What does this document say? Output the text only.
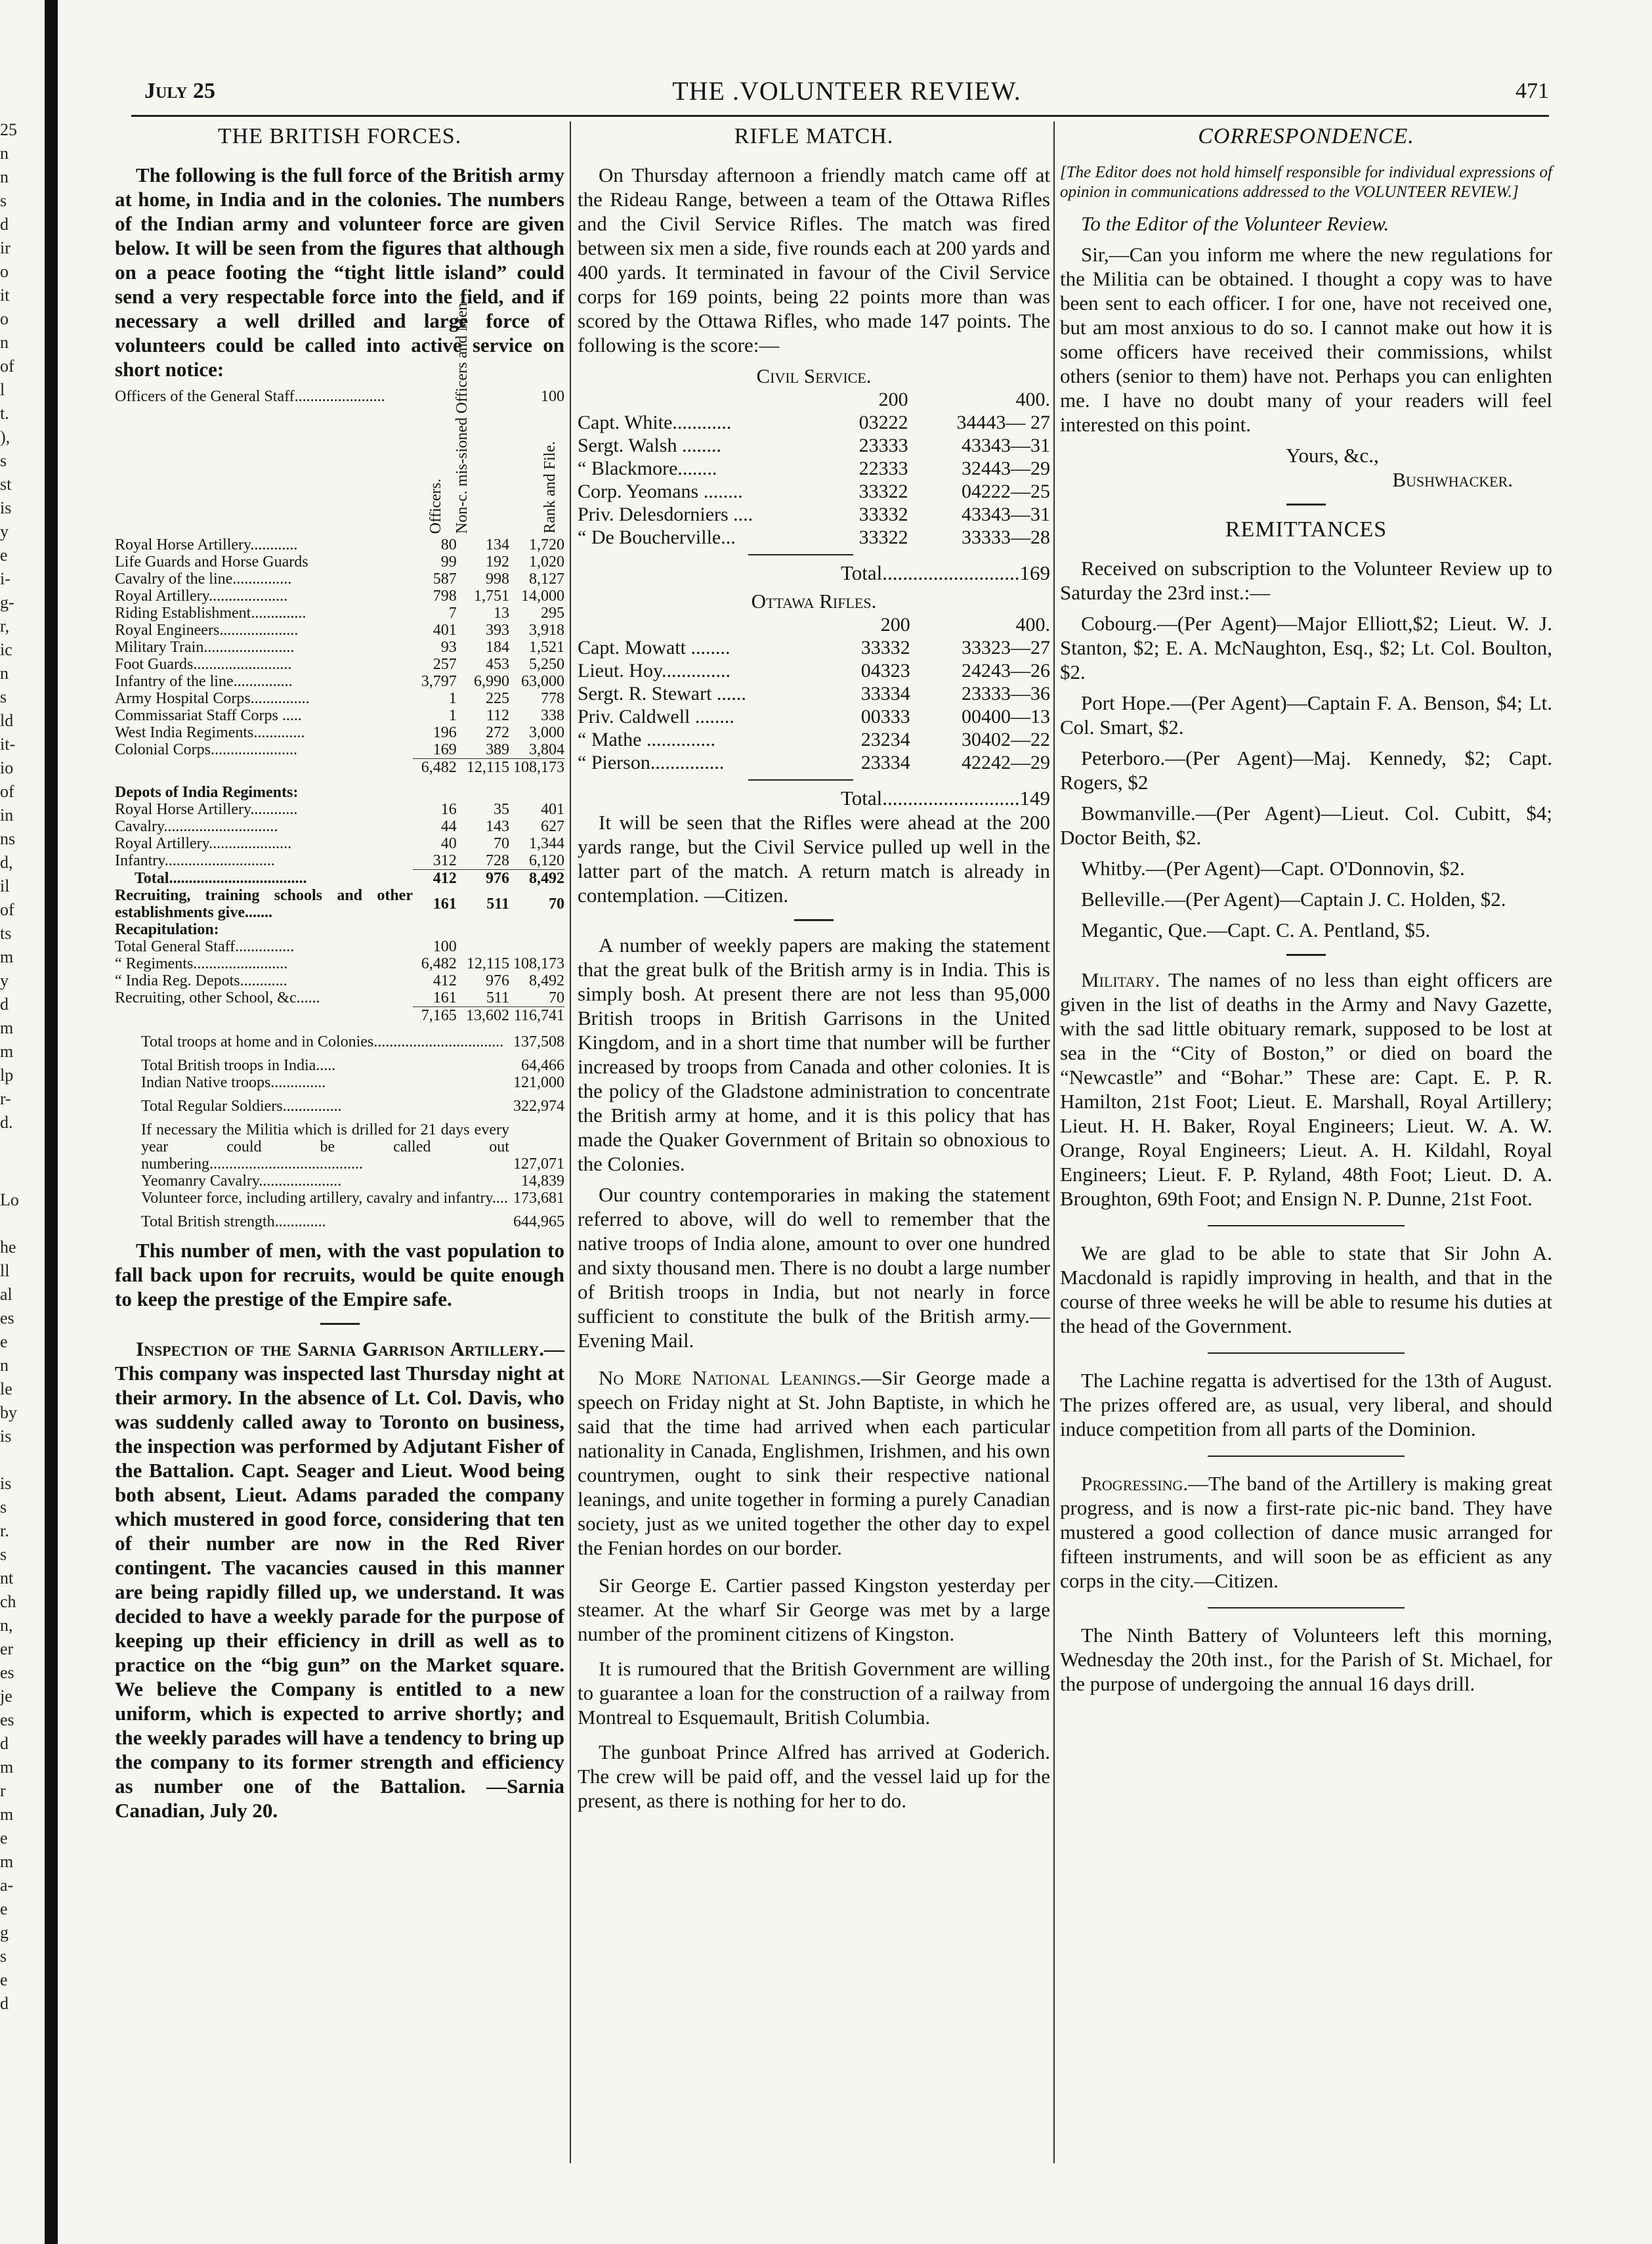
25
n
n
s
d
ir
o
it
o
n
of
l
t.
),
s
st
is
y
e
i-
g-
r,
ic
n
s
ld
it-
io
of
in
ns
d,
il
of
ts
m
y
d
m
m
lp
r-
d.
Lo
he
ll
al
es
e
n
le
by
is
is
s
r.
s
nt
ch
n,
er
es
je
es
d
m
r
m
e
m
a-
e
g
s
e
d
July 25	THE .VOLUNTEER REVIEW.	471
THE BRITISH FORCES.

The following is the full force of the British army at home, in India and in the colonies. The numbers of the Indian army and volunteer force are given below. It will be seen from the figures that although on a peace footing the “tight little island” could send a very respectable force into the field, and if necessary a well drilled and large force of volunteers could be called into active service on short notice:

Officers of the General Staff.......................			100

	Officers.	Non-c. mis-sioned Officers and Men	Rank and File.

Royal Horse Artillery............	80	134	1,720
Life Guards and Horse Guards	99	192	1,020
Cavalry of the line...............	587	998	8,127
Royal Artillery....................	798	1,751	14,000
Riding Establishment..............	7	13	295
Royal Engineers....................	401	393	3,918
Military Train.......................	93	184	1,521
Foot Guards.........................	257	453	5,250
Infantry of the line...............	3,797	6,990	63,000
Army Hospital Corps...............	1	225	778
Commissariat Staff Corps .....	1	112	338
West India Regiments.............	196	272	3,000
Colonial Corps......................	169	389	3,804
	6,482	12,115	108,173

Depots of India Regiments:			
Royal Horse Artillery............	16	35	401
Cavalry.............................	44	143	627
Royal Artillery.....................	40	70	1,344
Infantry............................	312	728	6,120
Total...................................	412	976	8,492
Recruiting, training schools and other establishments give.......	161	511	70
Recapitulation:			
Total General Staff...............	100		
“ Regiments........................	6,482	12,115	108,173
“ India Reg. Depots............	412	976	8,492
Recruiting, other School, &c......	161	511	70
	7,165	13,602	116,741

Total troops at home and in Colonies.................................			137,508

Total British troops in India.....			64,466
Indian Native troops..............			121,000

Total Regular Soldiers...............			322,974

If necessary the Militia which is drilled for 21 days every year could be called out numbering.......................................			127,071
Yeomanry Cavalry.....................			14,839
Volunteer force, including artillery, cavalry and infantry....			173,681

Total British strength.............			644,965

This number of men, with the vast population to fall back upon for recruits, would be quite enough to keep the prestige of the Empire safe.

Inspection of the Sarnia Garrison Artillery.—This company was inspected last Thursday night at their armory. In the absence of Lt. Col. Davis, who was suddenly called away to Toronto on business, the inspection was performed by Adjutant Fisher of the Battalion. Capt. Seager and Lieut. Wood being both absent, Lieut. Adams paraded the company which mustered in good force, considering that ten of their number are now in the Red River contingent. The vacancies caused in this manner are being rapidly filled up, we understand. It was decided to have a weekly parade for the purpose of keeping up their efficiency in drill as well as to practice on the “big gun” on the Market square. We believe the Company is entitled to a new uniform, which is expected to arrive shortly; and the weekly parades will have a tendency to bring up the company to its former strength and efficiency as number one of the Battalion. —Sarnia Canadian, July 20.

RIFLE MATCH.

On Thursday afternoon a friendly match came off at the Rideau Range, between a team of the Ottawa Rifles and the Civil Service Rifles. The match was fired between six men a side, five rounds each at 200 yards and 400 yards. It terminated in favour of the Civil Service corps for 169 points, being 22 points more than was scored by the Ottawa Rifles, who made 147 points. The following is the score:—

Civil Service.
	200	400.
Capt. White............	03222	34443— 27
Sergt. Walsh ........	23333	43343—31
“ Blackmore........	22333	32443—29
Corp. Yeomans ........	33322	04222—25
Priv. Delesdorniers ....	33332	43343—31
“ De Boucherville...	33322	33333—28
Total...........................169
Ottawa Rifles.
	200	400.
Capt. Mowatt ........	33332	33323—27
Lieut. Hoy..............	04323	24243—26
Sergt. R. Stewart ......	33334	23333—36
Priv. Caldwell ........	00333	00400—13
“ Mathe ..............	23234	30402—22
“ Pierson...............	23334	42242—29
Total...........................149

It will be seen that the Rifles were ahead at the 200 yards range, but the Civil Service pulled up well in the latter part of the match. A return match is already in contemplation. —Citizen.

A number of weekly papers are making the statement that the great bulk of the British army is in India. This is simply bosh. At present there are not less than 95,000 British troops in British Garrisons in the United Kingdom, and in a short time that number will be further increased by troops from Canada and other colonies. It is the policy of the Gladstone administration to concentrate the British army at home, and it is this policy that has made the Quaker Government of Britain so obnoxious to the Colonies.

Our country contemporaries in making the statement referred to above, will do well to remember that the native troops of India alone, amount to over one hundred and sixty thousand men. There is no doubt a large number of British troops in India, but not nearly in force sufficient to constitute the bulk of the British army.—Evening Mail.

No More National Leanings.—Sir George made a speech on Friday night at St. John Baptiste, in which he said that the time had arrived when each particular nationality in Canada, Englishmen, Irishmen, and his own countrymen, ought to sink their respective national leanings, and unite together in forming a purely Canadian society, just as we united together the other day to expel the Fenian hordes on our border.

Sir George E. Cartier passed Kingston yesterday per steamer. At the wharf Sir George was met by a large number of the prominent citizens of Kingston.

It is rumoured that the British Government are willing to guarantee a loan for the construction of a railway from Montreal to Esquemault, British Columbia.

The gunboat Prince Alfred has arrived at Goderich. The crew will be paid off, and the vessel laid up for the present, as there is nothing for her to do.

CORRESPONDENCE.

[The Editor does not hold himself responsible for individual expressions of opinion in communications addressed to the VOLUNTEER REVIEW.]

To the Editor of the Volunteer Review.

Sir,—Can you inform me where the new regulations for the Militia can be obtained. I thought a copy was to have been sent to each officer. I for one, have not received one, but am most anxious to do so. I cannot make out how it is some officers have received their commissions, whilst others (senior to them) have not. Perhaps you can enlighten me. I have no doubt many of your readers will feel interested on this point.

Yours, &c.,
Bushwhacker.
REMITTANCES

Received on subscription to the Volunteer Review up to Saturday the 23rd inst.:—

Cobourg.—(Per Agent)—Major Elliott,$2; Lieut. W. J. Stanton, $2; E. A. McNaughton, Esq., $2; Lt. Col. Boulton, $2.

Port Hope.—(Per Agent)—Captain F. A. Benson, $4; Lt. Col. Smart, $2.

Peterboro.—(Per Agent)—Maj. Kennedy, $2; Capt. Rogers, $2

Bowmanville.—(Per Agent)—Lieut. Col. Cubitt, $4; Doctor Beith, $2.

Whitby.—(Per Agent)—Capt. O'Donnovin, $2.

Belleville.—(Per Agent)—Captain J. C. Holden, $2.

Megantic, Que.—Capt. C. A. Pentland, $5.

Military. The names of no less than eight officers are given in the list of deaths in the Army and Navy Gazette, with the sad little obituary remark, supposed to be lost at sea in the “City of Boston,” or died on board the “Newcastle” and “Bohar.” These are: Capt. E. P. R. Hamilton, 21st Foot; Lieut. E. Marshall, Royal Artillery; Lieut. H. H. Baker, Royal Engineers; Lieut. W. A. W. Orange, Royal Engineers; Lieut. A. H. Kildahl, Royal Engineers; Lieut. F. P. Ryland, 48th Foot; Lieut. D. A. Broughton, 69th Foot; and Ensign N. P. Dunne, 21st Foot.

We are glad to be able to state that Sir John A. Macdonald is rapidly improving in health, and that in the course of three weeks he will be able to resume his duties at the head of the Government.

The Lachine regatta is advertised for the 13th of August. The prizes offered are, as usual, very liberal, and should induce competition from all parts of the Dominion.

Progressing.—The band of the Artillery is making great progress, and is now a first-rate pic-nic band. They have mustered a good collection of dance music arranged for fifteen instruments, and will soon be as efficient as any corps in the city.—Citizen.

The Ninth Battery of Volunteers left this morning, Wednesday the 20th inst., for the Parish of St. Michael, for the purpose of undergoing the annual 16 days drill.
